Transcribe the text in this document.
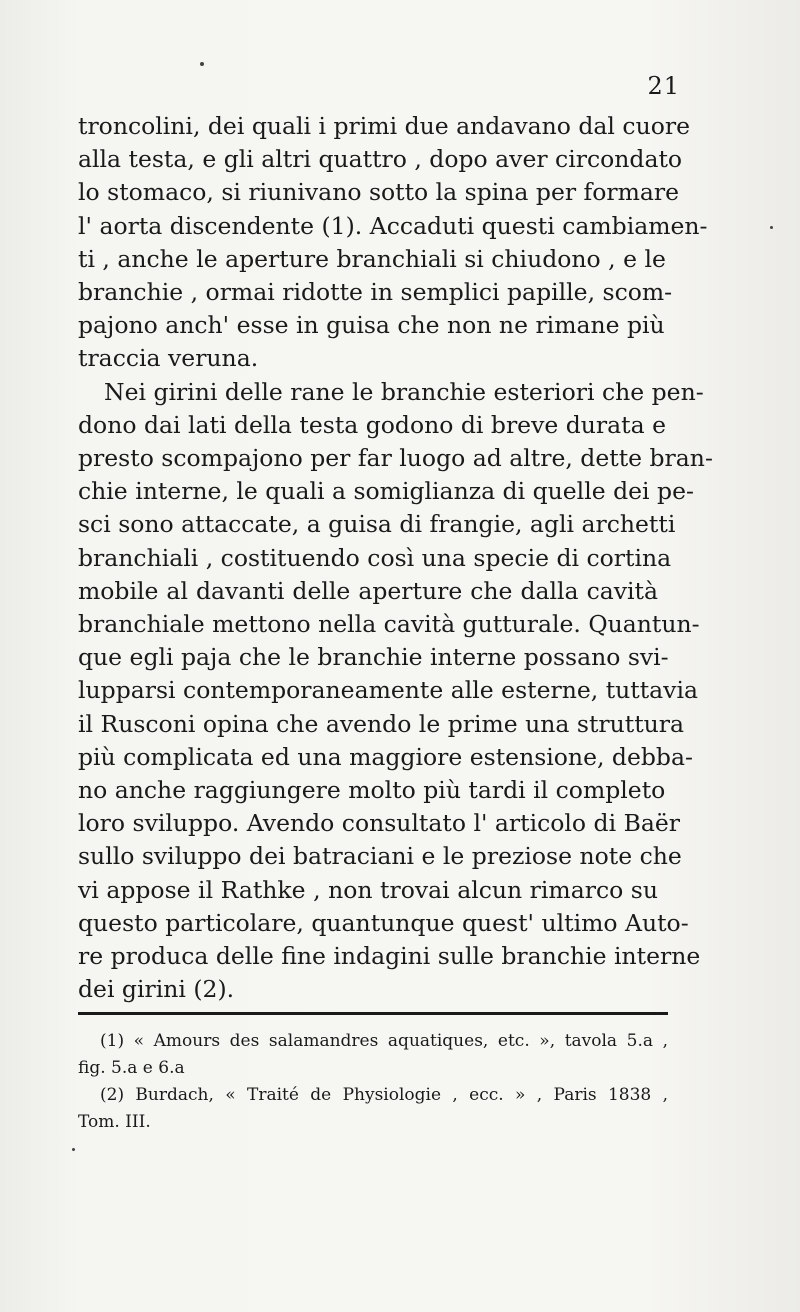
21
troncolini, dei quali i primi due andavano dal cuore
alla testa, e gli altri quattro , dopo aver circondato
lo stomaco, si riunivano sotto la spina per formare
l' aorta discendente (1). Accaduti questi cambiamen-
ti , anche le aperture branchiali si chiudono , e le
branchie , ormai ridotte in semplici papille, scom-
pajono anch' esse in guisa che non ne rimane più
traccia veruna.
Nei girini delle rane le branchie esteriori che pen-
dono dai lati della testa godono di breve durata e
presto scompajono per far luogo ad altre, dette bran-
chie interne, le quali a somiglianza di quelle dei pe-
sci sono attaccate, a guisa di frangie, agli archetti
branchiali , costituendo così una specie di cortina
mobile al davanti delle aperture che dalla cavità
branchiale mettono nella cavità gutturale. Quantun-
que egli paja che le branchie interne possano svi-
lupparsi contemporaneamente alle esterne, tuttavia
il Rusconi opina che avendo le prime una struttura
più complicata ed una maggiore estensione, debba-
no anche raggiungere molto più tardi il completo
loro sviluppo. Avendo consultato l' articolo di Baër
sullo sviluppo dei batraciani e le preziose note che
vi appose il Rathke , non trovai alcun rimarco su
questo particolare, quantunque quest' ultimo Auto-
re produca delle fine indagini sulle branchie interne
dei girini (2).
(1) « Amours des salamandres aquatiques, etc. », tavola 5.a ,
fig. 5.a e 6.a
(2) Burdach, « Traité de Physiologie , ecc. » , Paris 1838 ,
Tom. III.
